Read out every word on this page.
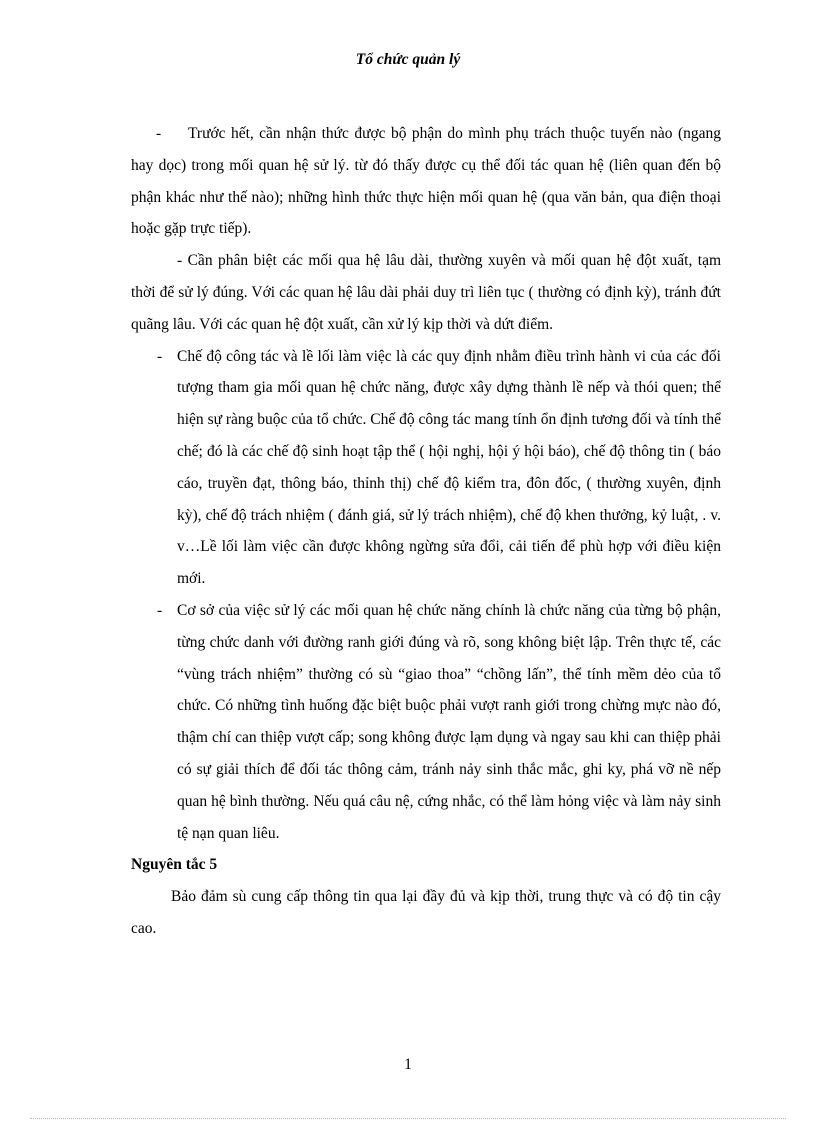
Tổ chức quản lý

- Trước hết, cần nhận thức được bộ phận do mình phụ trách thuộc tuyến nào (ngang hay dọc) trong mối quan hệ sử lý. từ đó thấy được cụ thể đối tác quan hệ (liên quan đến bộ phận khác như thế nào); những hình thức thực hiện mối quan hệ (qua văn bản, qua điện thoại hoặc gặp trực tiếp).

- Cần phân biệt các mối qua hệ lâu dài, thường xuyên và mối quan hệ đột xuất, tạm thời để sử lý đúng. Với các quan hệ lâu dài phải duy trì liên tục ( thường có định kỳ), tránh đứt quãng lâu. Với các quan hệ đột xuất, cần xử lý kịp thời và dứt điểm.

- Chế độ công tác và lề lối làm việc là các quy định nhằm điều trình hành vi của các đối tượng tham gia mối quan hệ chức năng, được xây dựng thành lề nếp và thói quen; thể hiện sự ràng buộc của tổ chức. Chế độ công tác mang tính ổn định tương đối và tính thể chế; đó là các chế độ sinh hoạt tập thể ( hội nghị, hội ý hội báo), chế độ thông tin ( báo cáo, truyền đạt, thông báo, thỉnh thị) chế độ kiểm tra, đôn đốc, ( thường xuyên, định kỳ), chế độ trách nhiệm ( đánh giá, sử lý trách nhiệm), chế độ khen thưởng, kỷ luật, . v. v…Lề lối làm việc cần được không ngừng sửa đổi, cải tiến để phù hợp với điều kiện mới.

- Cơ sở của việc sử lý các mối quan hệ chức năng chính là chức năng của từng bộ phận, từng chức danh với đường ranh giới đúng và rõ, song không biệt lập. Trên thực tế, các “vùng trách nhiệm” thường có sù “giao thoa” “chồng lấn”, thể tính mềm dẻo của tổ chức. Có những tình huống đặc biệt buộc phải vượt ranh giới trong chừng mực nào đó, thậm chí can thiệp vượt cấp; song không được lạm dụng và ngay sau khi can thiệp phải có sự giải thích để đối tác thông cảm, tránh nảy sinh thắc mắc, ghi ky, phá vỡ nề nếp quan hệ bình thường. Nếu quá câu nệ, cứng nhắc, có thể làm hỏng việc và làm nảy sinh tệ nạn quan liêu.

Nguyên tắc 5

Bảo đảm sù cung cấp thông tin qua lại đầy đủ và kịp thời, trung thực và có độ tin cậy cao.

1
